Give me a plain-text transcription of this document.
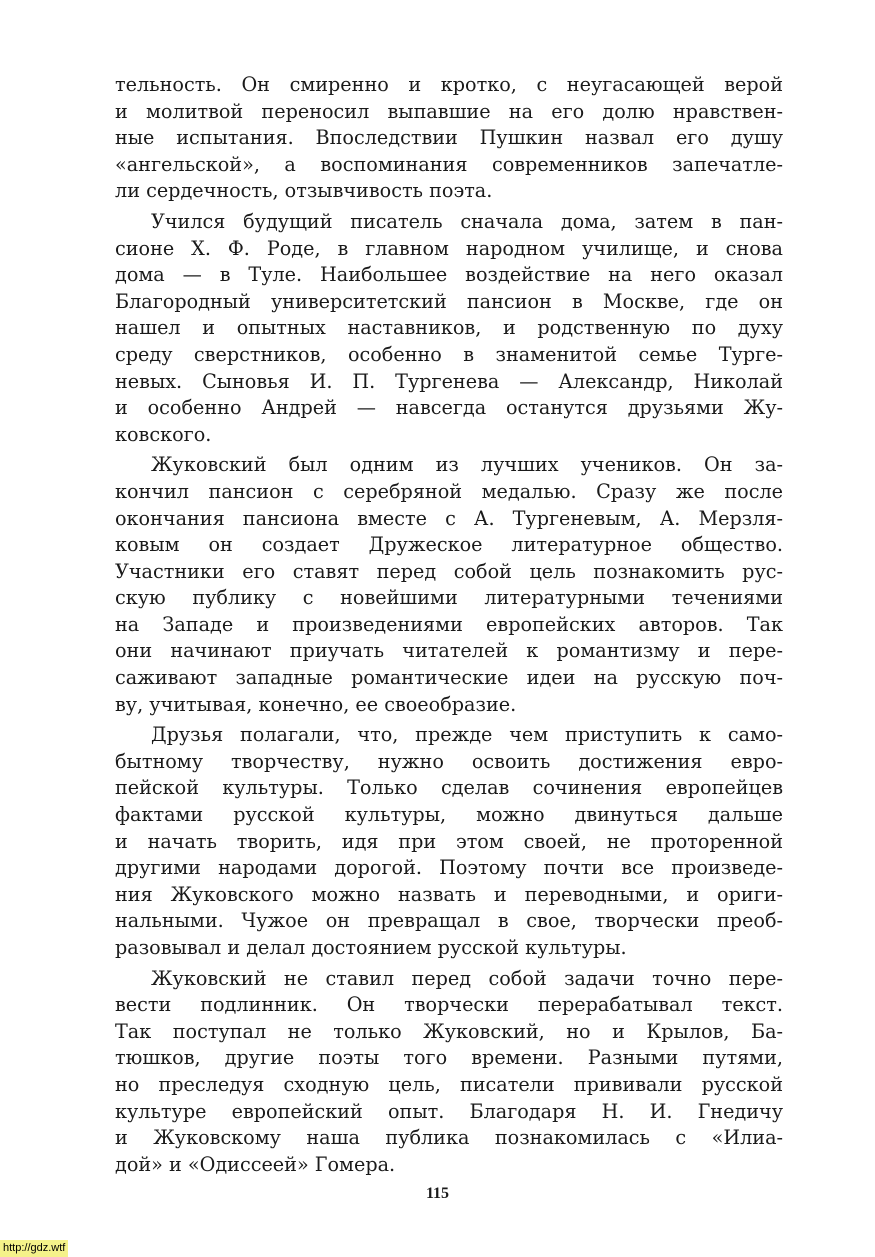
тельность. Он смиренно и кротко, с неугасающей верой
и молитвой переносил выпавшие на его долю нравствен-
ные испытания. Впоследствии Пушкин назвал его душу
«ангельской», а воспоминания современников запечатле-
ли сердечность, отзывчивость поэта.
Учился будущий писатель сначала дома, затем в пан-
сионе Х. Ф. Роде, в главном народном училище, и снова
дома — в Туле. Наибольшее воздействие на него оказал
Благородный университетский пансион в Москве, где он
нашел и опытных наставников, и родственную по духу
среду сверстников, особенно в знаменитой семье Турге-
невых. Сыновья И. П. Тургенева — Александр, Николай
и особенно Андрей — навсегда останутся друзьями Жу-
ковского.
Жуковский был одним из лучших учеников. Он за-
кончил пансион с серебряной медалью. Сразу же после
окончания пансиона вместе с А. Тургеневым, А. Мерзля-
ковым он создает Дружеское литературное общество.
Участники его ставят перед собой цель познакомить рус-
скую публику с новейшими литературными течениями
на Западе и произведениями европейских авторов. Так
они начинают приучать читателей к романтизму и пере-
саживают западные романтические идеи на русскую поч-
ву, учитывая, конечно, ее своеобразие.
Друзья полагали, что, прежде чем приступить к само-
бытному творчеству, нужно освоить достижения евро-
пейской культуры. Только сделав сочинения европейцев
фактами русской культуры, можно двинуться дальше
и начать творить, идя при этом своей, не проторенной
другими народами дорогой. Поэтому почти все произведе-
ния Жуковского можно назвать и переводными, и ориги-
нальными. Чужое он превращал в свое, творчески преоб-
разовывал и делал достоянием русской культуры.
Жуковский не ставил перед собой задачи точно пере-
вести подлинник. Он творчески перерабатывал текст.
Так поступал не только Жуковский, но и Крылов, Ба-
тюшков, другие поэты того времени. Разными путями,
но преследуя сходную цель, писатели прививали русской
культуре европейский опыт. Благодаря Н. И. Гнедичу
и Жуковскому наша публика познакомилась с «Илиа-
дой» и «Одиссеей» Гомера.
115
http://gdz.wtf
